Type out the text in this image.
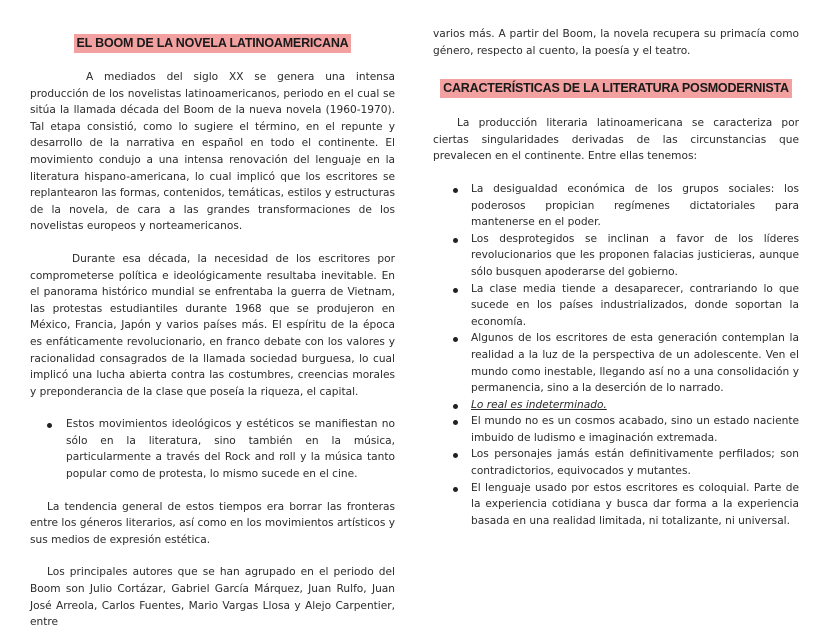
EL BOOM DE LA NOVELA LATINOAMERICANA

A mediados del siglo XX se genera una intensa producción de los novelistas latinoamericanos, periodo en el cual se sitúa la llamada década del Boom de la nueva novela (1960-1970). Tal etapa consistió, como lo sugiere el término, en el repunte y desarrollo de la narrativa en español en todo el continente. El movimiento condujo a una intensa renovación del lenguaje en la literatura hispano-americana, lo cual implicó que los escritores se replantearon las formas, contenidos, temáticas, estilos y estructuras de la novela, de cara a las grandes transformaciones de los novelistas europeos y norteamericanos.

Durante esa década, la necesidad de los escritores por comprometerse política e ideológicamente resultaba inevitable. En el panorama histórico mundial se enfrentaba la guerra de Vietnam, las protestas estudiantiles durante 1968 que se produjeron en México, Francia, Japón y varios países más. El espíritu de la época es enfáticamente revolucionario, en franco debate con los valores y racionalidad consagrados de la llamada sociedad burguesa, lo cual implicó una lucha abierta contra las costumbres, creencias morales y preponderancia de la clase que poseía la riqueza, el capital.

Estos movimientos ideológicos y estéticos se manifiestan no sólo en la literatura, sino también en la música, particularmente a través del Rock and roll y la música tanto popular como de protesta, lo mismo sucede en el cine.

La tendencia general de estos tiempos era borrar las fronteras entre los géneros literarios, así como en los movimientos artísticos y sus medios de expresión estética.

Los principales autores que se han agrupado en el periodo del Boom son Julio Cortázar, Gabriel García Márquez, Juan Rulfo, Juan José Arreola, Carlos Fuentes, Mario Vargas Llosa y Alejo Carpentier, entre

varios más. A partir del Boom, la novela recupera su primacía como género, respecto al cuento, la poesía y el teatro.

CARACTERÍSTICAS DE LA LITERATURA POSMODERNISTA

La producción literaria latinoamericana se caracteriza por ciertas singularidades derivadas de las circunstancias que prevalecen en el continente. Entre ellas tenemos:

La desigualdad económica de los grupos sociales: los poderosos propician regímenes dictatoriales para mantenerse en el poder.
Los desprotegidos se inclinan a favor de los líderes revolucionarios que les proponen falacias justicieras, aunque sólo busquen apoderarse del gobierno.
La clase media tiende a desaparecer, contrariando lo que sucede en los países industrializados, donde soportan la economía.
Algunos de los escritores de esta generación contemplan la realidad a la luz de la perspectiva de un adolescente. Ven el mundo como inestable, llegando así no a una consolidación y permanencia, sino a la deserción de lo narrado.
Lo real es indeterminado.
El mundo no es un cosmos acabado, sino un estado naciente imbuido de ludismo e imaginación extremada.
Los personajes jamás están definitivamente perfilados; son contradictorios, equivocados y mutantes.
El lenguaje usado por estos escritores es coloquial. Parte de la experiencia cotidiana y busca dar forma a la experiencia basada en una realidad limitada, ni totalizante, ni universal.
